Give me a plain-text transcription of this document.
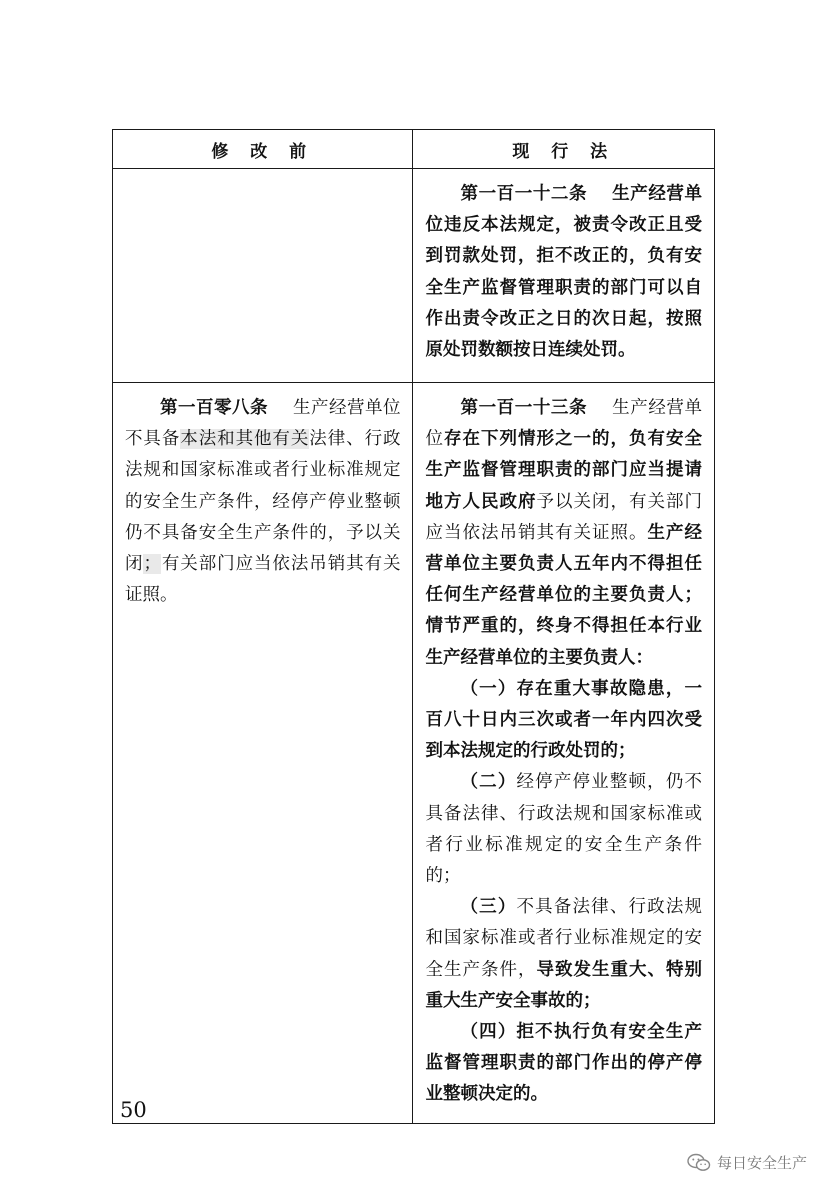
修 改 前	现 行 法

	第一百一十二条 生产经营单位违反本法规定，被责令改正且受到罚款处罚，拒不改正的，负有安全生产监督管理职责的部门可以自作出责令改正之日的次日起，按照原处罚数额按日连续处罚。

第一百零八条 生产经营单位不具备本法和其他有关法律、行政法规和国家标准或者行业标准规定的安全生产条件，经停产停业整顿仍不具备安全生产条件的，予以关闭；有关部门应当依法吊销其有关证照。	第一百一十三条 生产经营单位存在下列情形之一的，负有安全生产监督管理职责的部门应当提请地方人民政府予以关闭，有关部门应当依法吊销其有关证照。生产经营单位主要负责人五年内不得担任任何生产经营单位的主要负责人；情节严重的，终身不得担任本行业生产经营单位的主要负责人：

（一）存在重大事故隐患，一百八十日内三次或者一年内四次受到本法规定的行政处罚的；

（二）经停产停业整顿，仍不具备法律、行政法规和国家标准或者行业标准规定的安全生产条件的；

（三）不具备法律、行政法规和国家标准或者行业标准规定的安全生产条件，导致发生重大、特别重大生产安全事故的；

（四）拒不执行负有安全生产监督管理职责的部门作出的停产停业整顿决定的。

50
每日安全生产
